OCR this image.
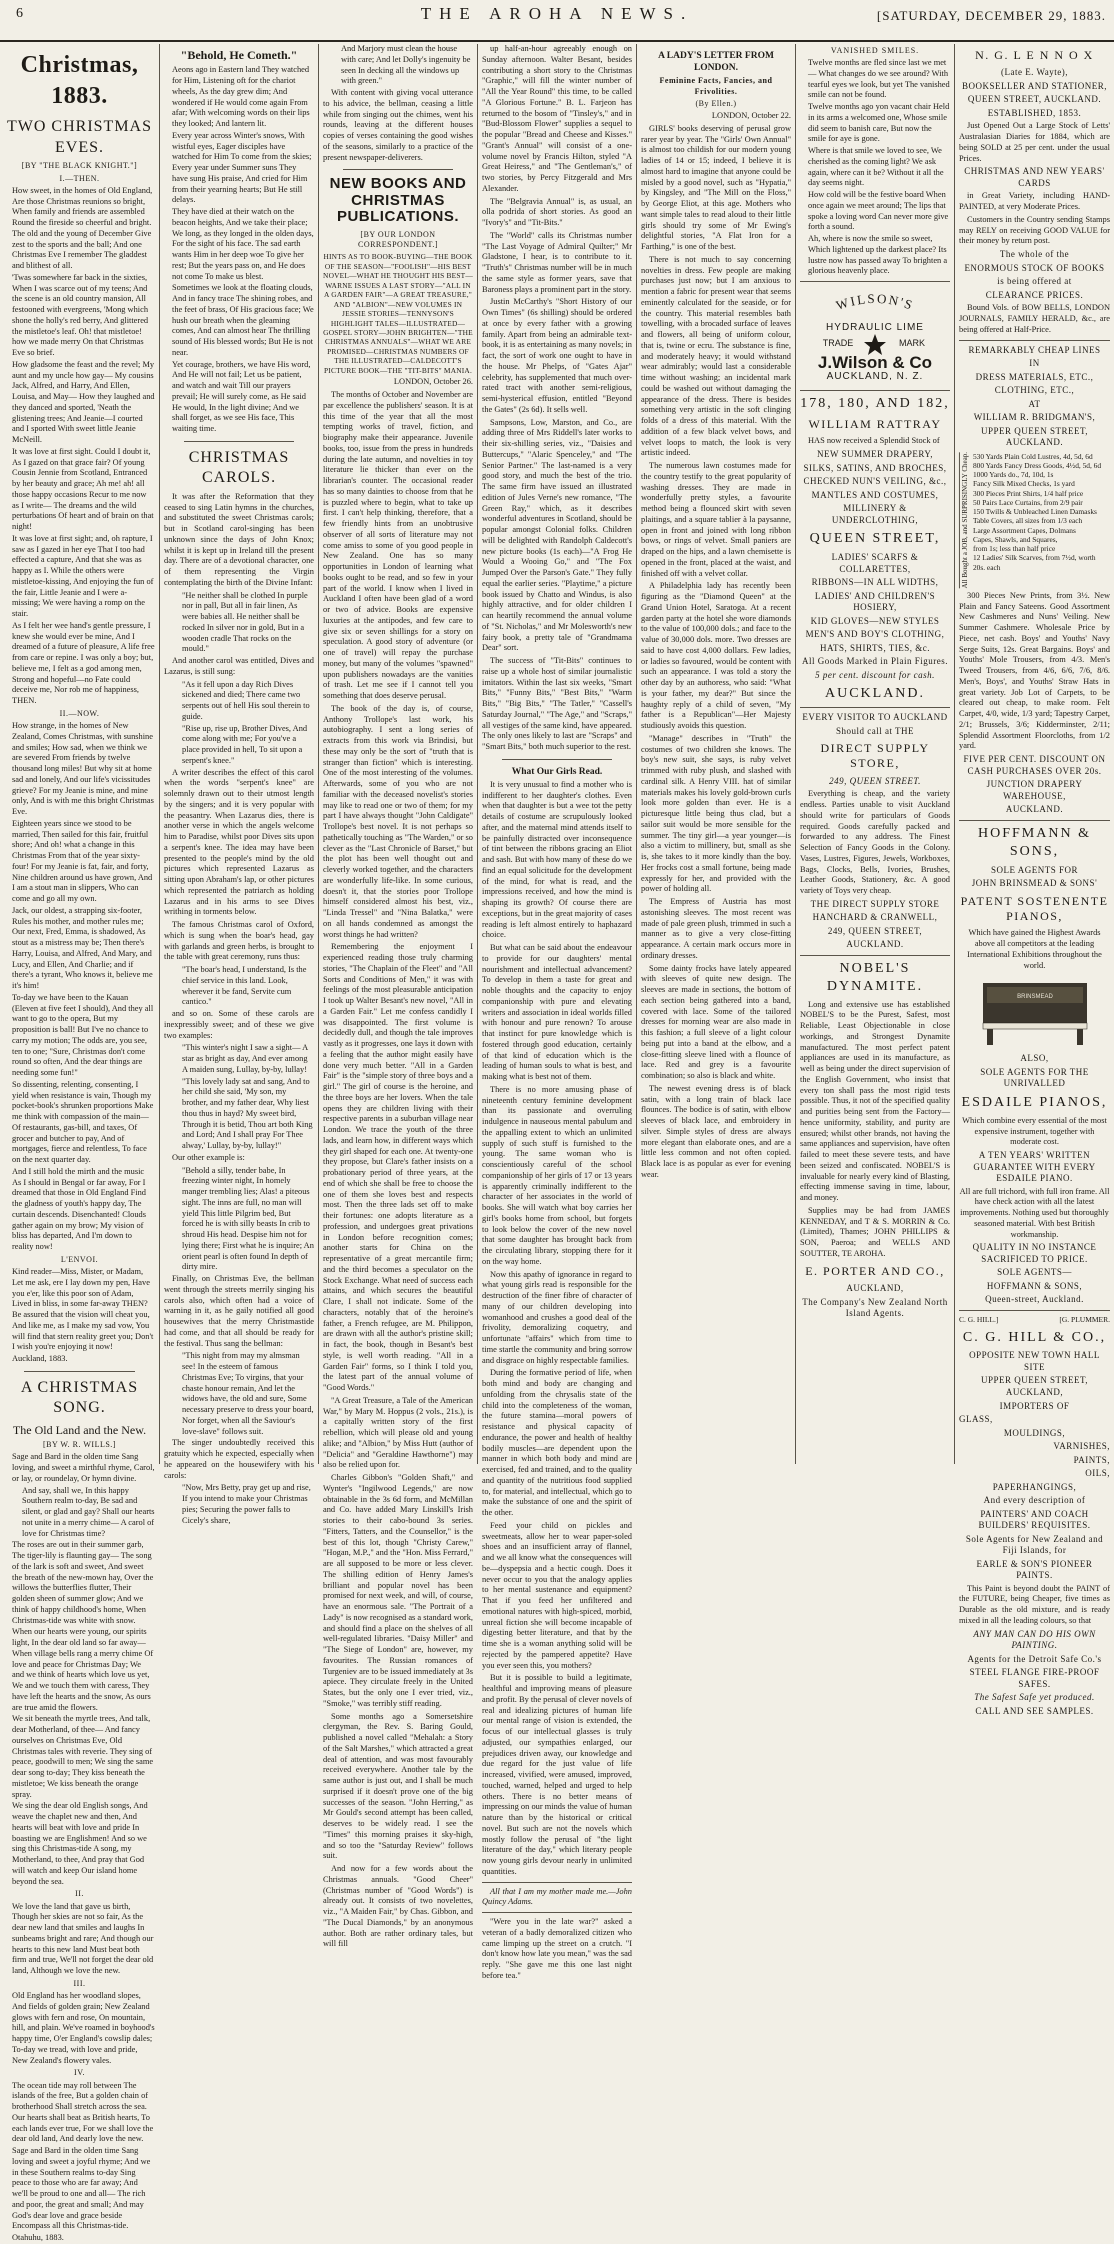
6	THE AROHA NEWS.	[SATURDAY, DECEMBER 29, 1883.
Christmas, 1883.
TWO CHRISTMAS EVES.
[BY "THE BLACK KNIGHT."]
I.—THEN.

How sweet, in the homes of Old England, Are those Christmas reunions so bright, When family and friends are assembled Round the fireside so cheerful and bright. The old and the young of December Give zest to the sports and the ball; And one Christmas Eve I remember The gladdest and blithest of all.

'Twas somewhere far back in the sixties, When I was scarce out of my teens; And the scene is an old country mansion, All festooned with evergreens, 'Mong which shone the holly's red berry, And glittered the mistletoe's leaf. Oh! that mistletoe! how we made merry On that Christmas Eve so brief.

How gladsome the feast and the revel; My aunt and my uncle how gay— My cousins Jack, Alfred, and Harry, And Ellen, Louisa, and May— How they laughed and they danced and sported, 'Neath the glistening trees; And Jeanie—I courted and I sported With sweet little Jeanie McNeill.

It was love at first sight. Could I doubt it, As I gazed on that grace fair? Of young Cousin Jennie from Scotland, Entranced by her beauty and grace; Ah me! ah! all those happy occasions Recur to me now as I write— The dreams and the wild perturbations Of heart and of brain on that night!

It was love at first sight; and, oh rapture, I saw as I gazed in her eye That I too had effected a capture, And that she was as happy as I. While the others were mistletoe-kissing, And enjoying the fun of the fair, Little Jeanie and I were a-missing; We were having a romp on the stair.

As I felt her wee hand's gentle pressure, I knew she would ever be mine, And I dreamed of a future of pleasure, A life free from care or repine. I was only a boy; but, believe me, I felt as a god among men, Strong and hopeful—no Fate could deceive me, Nor rob me of happiness, THEN.

II.—NOW.

How strange, in the homes of New Zealand, Comes Christmas, with sunshine and smiles; How sad, when we think we are severed From friends by twelve thousand long miles! But why sit at home sad and lonely, And our life's vicissitudes grieve? For my Jeanie is mine, and mine only, And is with me this bright Christmas Eve.

Eighteen years since we stood to be married, Then sailed for this fair, fruitful shore; And oh! what a change in this Christmas From that of the year sixty-four! For my Jeanie is fat, fair, and forty, Nine children around us have grown, And I am a stout man in slippers, Who can come and go all my own.

Jack, our oldest, a strapping six-footer, Rules his mother, and mother rules me; Our next, Fred, Emma, is shadowed, As stout as a mistress may be; Then there's Harry, Louisa, and Alfred, And Mary, and Lucy, and Ellen, And Charlie; and if there's a tyrant, Who knows it, believe me it's him!

To-day we have been to the Kauan (Eleven at five feet I should), And they all want to go to the opera, But my proposition is ball! But I've no chance to carry my motion; The odds are, you see, ten to one; "Sure, Christmas don't come round so often, And the dear things are needing some fun!"

So dissenting, relenting, consenting, I yield when resistance is vain, Though my pocket-book's shrunken proportions Make me think with compassion of the main— Of restaurants, gas-bill, and taxes, Of grocer and butcher to pay, And of mortgages, fierce and relentless, To face on the next quarter day.

And I still hold the mirth and the music As I should in Bengal or far away, For I dreamed that those in Old England Find the gladness of youth's happy day, The curtain descends. Disenchanted! Clouds gather again on my brow; My vision of bliss has departed, And I'm down to reality now!

L'ENVOI.

Kind reader—Miss, Mister, or Madam, Let me ask, ere I lay down my pen, Have you e'er, like this poor son of Adam, Lived in bliss, in some far-away THEN? Be assured that the vision will cheat you, And like me, as I make my sad vow, You will find that stern reality greet you; Don't I wish you're enjoying it now!

Auckland, 1883.

A CHRISTMAS SONG.
The Old Land and the New.
[BY W. R. WILLS.]

Sage and Bard in the olden time Sang loving, and sweet a mirthful rhyme, Carol, or lay, or roundelay, Or hymn divine.

And say, shall we, In this happy Southern realm to-day, Be sad and silent, or glad and gay? Shall our hearts not unite in a merry chime— A carol of love for Christmas time?

The roses are out in their summer garb, The tiger-lily is flaunting gay— The song of the lark is soft and sweet, And sweet the breath of the new-mown hay, Over the willows the butterflies flutter, Their golden sheen of summer glow; And we think of happy childhood's home, When Christmas-tide was white with snow.

When our hearts were young, our spirits light, In the dear old land so far away— When village bells rang a merry chime Of love and peace for Christmas Day; We and we think of hearts which love us yet, We and we touch them with caress, They have left the hearts and the snow, As ours are true amid the flowers.

We sit beneath the myrtle trees, And talk, dear Motherland, of thee— And fancy ourselves on Christmas Eve, Old Christmas tales with reverie. They sing of peace, goodwill to men; We sing the same dear song to-day; They kiss beneath the mistletoe; We kiss beneath the orange spray.

We sing the dear old English songs, And weave the chaplet new and then, And hearts will beat with love and pride In boasting we are Englishmen! And so we sing this Christmas-tide A song, my Motherland, to thee, And pray that God will watch and keep Our island home beyond the sea.

II.

We love the land that gave us birth, Though her skies are not so fair, As the dear new land that smiles and laughs In sunbeams bright and rare; And though our hearts to this new land Must beat both firm and true, We'll not forget the dear old land, Although we love the new.

III.

Old England has her woodland slopes, And fields of golden grain; New Zealand glows with fern and rose, On mountain, hill, and plain. We've roamed in boyhood's happy time, O'er England's cowslip dales; To-day we tread, with love and pride, New Zealand's flowery vales.

IV.

The ocean tide may roll between The islands of the free, But a golden chain of brotherhood Shall stretch across the sea. Our hearts shall beat as British hearts, To each lands ever true, For we shall love the dear old land, And dearly love the new.

Sage and Bard in the olden time Sang loving and sweet a joyful rhyme; And we in these Southern realms to-day Sing peace to those who are far away; And we'll be proud to one and all— The rich and poor, the great and small; And may God's dear love and grace beside Encompass all this Christmas-tide.

Otahuhu, 1883.

"Behold, He Cometh."

Aeons ago in Eastern land They watched for Him, Listening oft for the chariot wheels, As the day grew dim; And wondered if He would come again From afar; With welcoming words on their lips they looked; And lantern lit.

Every year across Winter's snows, With wistful eyes, Eager disciples have watched for Him To come from the skies; Every year under Summer suns They have sung His praise, And cried for Him from their yearning hearts; But He still delays.

They have died at their watch on the beacon heights, And we take their place; We long, as they longed in the olden days, For the sight of his face. The sad earth wants Him in her deep woe To give her rest; But the years pass on, and He does not come To make us blest.

Sometimes we look at the floating clouds, And in fancy trace The shining robes, and the feet of brass, Of His gracious face; We hush our breath when the gleaming comes, And can almost hear The thrilling sound of His blessed words; But He is not near.

Yet courage, brothers, we have His word, And He will not fail; Let us be patient, and watch and wait Till our prayers prevail; He will surely come, as He said He would, In the light divine; And we shall forget, as we see His face, This waiting time.

CHRISTMAS CAROLS.

It was after the Reformation that they ceased to sing Latin hymns in the churches, and substituted the sweet Christmas carols; but in Scotland carol-singing has been unknown since the days of John Knox; whilst it is kept up in Ireland till the present day. There are of a devotional character, one of them representing the Virgin contemplating the birth of the Divine Infant:

"He neither shall be clothed In purple nor in pall, But all in fair linen, As were babies all. He neither shall be rocked In silver nor in gold, But in a wooden cradle That rocks on the mould."

And another carol was entitled, Dives and Lazarus, is still sung:

"As it fell upon a day Rich Dives sickened and died; There came two serpents out of hell His soul therein to guide.

"Rise up, rise up, Brother Dives, And come along with me; For you've a place provided in hell, To sit upon a serpent's knee."

A writer describes the effect of this carol when the words "serpent's knee" are solemnly drawn out to their utmost length by the singers; and it is very popular with the peasantry. When Lazarus dies, there is another verse in which the angels welcome him to Paradise, whilst poor Dives sits upon a serpent's knee. The idea may have been presented to the people's mind by the old pictures which represented Lazarus as sitting upon Abraham's lap, or other pictures which represented the patriarch as holding Lazarus and in his arms to see Dives writhing in torments below.

The famous Christmas carol of Oxford, which is sung when the boar's head, gay with garlands and green herbs, is brought to the table with great ceremony, runs thus:

"The boar's head, I understand, Is the chief service in this land. Look, wherever it be fand, Servite cum cantico."

and so on. Some of these carols are inexpressibly sweet; and of these we give two examples:

"This winter's night I saw a sight— A star as bright as day, And ever among A maiden sung, Lullay, by-by, lullay!

"This lovely lady sat and sang, And to her child she said, 'My son, my brother, and my father dear, Why liest thou thus in hayd? My sweet bird, Through it is betid, Thou art both King and Lord; And I shall pray For Thee alway,' Lullay, by-by, lullay!"

Our other example is:

"Behold a silly, tender babe, In freezing winter night, In homely manger trembling lies; Alas! a piteous sight. The inns are full, no man will yield This little Pilgrim bed, But forced he is with silly beasts In crib to shroud His head. Despise him not for lying there; First what he is inquire; An orient pearl is often found In depth of dirty mire.

Finally, on Christmas Eve, the bellman went through the streets merrily singing his carols also, which often had a voice of warning in it, as he gaily notified all good housewives that the merry Christmastide had come, and that all should be ready for the festival. Thus sang the bellman:

"This night from may my almsman see! In the esteem of famous Christmas Eve; To virgins, that your chaste honour remain, And let the widows have, the old and sure, Some necessary preserve to dress your board, Nor forget, when all the Saviour's love-slave" follows suit.

The singer undoubtedly received this gratuity which he expected, especially when he appeared on the housewifery with his carols:

"Now, Mrs Betty, pray get up and rise, If you intend to make your Christmas pies; Securing the power falls to Cicely's share,

And Marjory must clean the house with care; And let Dolly's ingenuity be seen In decking all the windows up with green."

With content with giving vocal utterance to his advice, the bellman, ceasing a little while from singing out the chimes, went his rounds, leaving at the different houses copies of verses containing the good wishes of the seasons, similarly to a practice of the present newspaper-deliverers.

NEW BOOKS AND CHRISTMAS PUBLICATIONS.
[BY OUR LONDON CORRESPONDENT.]

HINTS AS TO BOOK-BUYING—THE BOOK OF THE SEASON—"FOOLISH"—HIS BEST NOVEL—WHAT HE THOUGHT HIS BEST—WARNE ISSUES A LAST STORY—"ALL IN A GARDEN FAIR"—A GREAT TREASURE," AND "ALBION"—NEW VOLUMES IN JESSIE STORIES—TENNYSON'S HIGHLIGHT TALES—ILLUSTRATED—GOSPEL STORY—JOHN BRIGHTEN—"THE CHRISTMAS ANNUALS"—WHAT WE ARE PROMISED—CHRISTMAS NUMBERS OF THE ILLUSTRATED—CALDECOTT'S PICTURE BOOK—THE "TIT-BITS" MANIA.

LONDON, October 26.

The months of October and November are par excellence the publishers' season. It is at this time of the year that all the most tempting works of travel, fiction, and biography make their appearance. Juvenile books, too, issue from the press in hundreds during the late autumn, and novelties in toy literature lie thicker than ever on the librarian's counter. The occasional reader has so many dainties to choose from that he is puzzled where to begin, what to take up first. I can't help thinking, therefore, that a few friendly hints from an unobtrusive observer of all sorts of literature may not come amiss to some of you good people in New Zealand. One has so many opportunities in London of learning what books ought to be read, and so few in your part of the world. I know when I lived in Auckland I often have been glad of a word or two of advice. Books are expensive luxuries at the antipodes, and few care to give six or seven shillings for a story on speculation. A good story of adventure (or one of travel) will repay the purchase money, but many of the volumes "spawned" upon publishers nowadays are the vanities of trash. Let me see if I cannot tell you something that does deserve perusal.

The book of the day is, of course, Anthony Trollope's last work, his autobiography. I sent a long series of extracts from this work via Brindisi, but these may only be the sort of "truth that is stranger than fiction" which is interesting. One of the most interesting of the volumes. Afterwards, some of you who are not familiar with the deceased novelist's stories may like to read one or two of them; for my part I have always thought "John Caldigate" Trollope's best novel. It is not perhaps so pathetically touching as "The Warden," or so clever as the "Last Chronicle of Barset," but the plot has been well thought out and cleverly worked together, and the characters are wonderfully life-like. In some curious, doesn't it, that the stories poor Trollope himself considered almost his best, viz., "Linda Tressel" and "Nina Balatka," were on all hands condemned as amongst the worst things he had written?

Remembering the enjoyment I experienced reading those truly charming stories, "The Chaplain of the Fleet" and "All Sorts and Conditions of Men," it was with feelings of the most pleasurable anticipation I took up Walter Besant's new novel, "All in a Garden Fair." Let me confess candidly I was disappointed. The first volume is decidedly dull, and though the tale improves vastly as it progresses, one lays it down with a feeling that the author might easily have done very much better. "All in a Garden Fair" is the "simple story of three boys and a girl." The girl of course is the heroine, and the three boys are her lovers. When the tale opens they are children living with their respective parents in a suburban village near London. We trace the youth of the three lads, and learn how, in different ways which they girl shaped for each one. At twenty-one they propose, but Clare's father insists on a probationary period of three years, at the end of which she shall be free to choose the one of them she loves best and respects most. Then the three lads set off to make their fortunes: one adopts literature as a profession, and undergoes great privations in London before recognition comes; another starts for China on the representative of a great mercantile firm; and the third becomes a speculator on the Stock Exchange. What need of success each attains, and which secures the beautiful Clare, I shall not indicate. Some of the characters, notably that of the heroine's father, a French refugee, are M. Philippon, are drawn with all the author's pristine skill; in fact, the book, though in Besant's best style, is well worth reading. "All in a Garden Fair" forms, so I think I told you, the latest part of the annual volume of "Good Words."

"A Great Treasure, a Tale of the American War," by Mary M. Hoppus (2 vols., 21s.), is a capitally written story of the first rebellion, which will please old and young alike; and "Albion," by Miss Hutt (author of "Delicia" and "Geraldine Hawthorne") may also be relied upon for.

Charles Gibbon's "Golden Shaft," and Wynter's "Ingilwood Legends," are now obtainable in the 3s 6d form, and McMillan and Co. have added Mary Linskill's Irish stories to their cabo-bound 3s series. "Fitters, Tatters, and the Counsellor," is the best of this lot, though "Christy Carew," "Hogan, M.P.," and the "Hon. Miss Ferrard," are all supposed to be more or less clever. The shilling edition of Henry James's brilliant and popular novel has been promised for next week, and will, of course, have an enormous sale. "The Portrait of a Lady" is now recognised as a standard work, and should find a place on the shelves of all well-regulated libraries. "Daisy Miller" and "The Siege of London" are, however, my favourites. The Russian romances of Turgeniev are to be issued immediately at 3s apiece. They circulate freely in the United States, but the only one I ever tried, viz., "Smoke," was terribly stiff reading.

Some months ago a Somersetshire clergyman, the Rev. S. Baring Gould, published a novel called "Mehalah: a Story of the Salt Marshes," which attracted a great deal of attention, and was most favourably received everywhere. Another tale by the same author is just out, and I shall be much surprised if it doesn't prove one of the big successes of the season. "John Herring," as Mr Gould's second attempt has been called, deserves to be widely read. I see the "Times" this morning praises it sky-high, and so too the "Saturday Review" follows suit.

And now for a few words about the Christmas annuals. "Good Cheer" (Christmas number of "Good Words") is already out. It consists of two novelettes, viz., "A Maiden Fair," by Chas. Gibbon, and "The Ducal Diamonds," by an anonymous author. Both are rather ordinary tales, but will fill

up half-an-hour agreeably enough on Sunday afternoon. Walter Besant, besides contributing a short story to the Christmas "Graphic," will fill the winter number of "All the Year Round" this time, to be called "A Glorious Fortune." B. L. Farjeon has returned to the bosom of "Tinsley's," and in "Bud-Blossom Flower" supplies a sequel to the popular "Bread and Cheese and Kisses." "Grant's Annual" will consist of a one-volume novel by Francis Hilton, styled "A Great Heiress," and "The Gentleman's," of two stories, by Percy Fitzgerald and Mrs Alexander.

The "Belgravia Annual" is, as usual, an olla podrida of short stories. As good an "Ivory's" and "Tit-Bits."

The "World" calls its Christmas number "The Last Voyage of Admiral Quilter;" Mr Gladstone, I hear, is to contribute to it. "Truth's" Christmas number will be in much the same style as former years, save that Baroness plays a prominent part in the story.

Justin McCarthy's "Short History of our Own Times" (6s shilling) should be ordered at once by every father with a growing family. Apart from being an admirable text-book, it is as entertaining as many novels; in fact, the sort of work one ought to have in the house. Mr Phelps, of "Gates Ajar" celebrity, has supplemented that much over-rated tract with another semi-religious, semi-hysterical effusion, entitled "Beyond the Gates" (2s 6d). It sells well.

Sampsons, Low, Marston, and Co., are adding three of Mrs Riddell's later works to their six-shilling series, viz., "Daisies and Buttercups," "Alaric Spenceley," and "The Senior Partner." The last-named is a very good story, and much the best of the trio. The same firm have issued an illustrated edition of Jules Verne's new romance, "The Green Ray," which, as it describes wonderful adventures in Scotland, should be popular amongst Colonial folks. Children will be delighted with Randolph Caldecott's new picture books (1s each)—"A Frog He Would a Wooing Go," and "The Fox Jumped Over the Parson's Gate." They fully equal the earlier series. "Playtime," a picture book issued by Chatto and Windus, is also highly attractive, and for older children I can heartily recommend the annual volume of "St. Nicholas," and Mr Molesworth's new fairy book, a pretty tale of "Grandmama Dear" sort.

The success of "Tit-Bits" continues to raise up a whole host of similar journalistic imitators. Within the last six weeks, "Smart Bits," "Funny Bits," "Best Bits," "Warm Bits," "Big Bits," "The Tatler," "Cassell's Saturday Journal," "The Age," and "Scraps," all vestiges of the same kind, have appeared. The only ones likely to last are "Scraps" and "Smart Bits," both much superior to the rest.

What Our Girls Read.

It is very unusual to find a mother who is indifferent to her daughter's clothes. Even when that daughter is but a wee tot the petty details of costume are scrupulously looked after, and the maternal mind attends itself to be painfully distracted over inconsequence of tint between the ribbons gracing an Eliot and sash. But with how many of these do we find an equal solicitude for the development of the mind, for what is read, and the impressions received, and how the mind is shaping its growth? Of course there are exceptions, but in the great majority of cases reading is left almost entirely to haphazard choice.

But what can be said about the endeavour to provide for our daughters' mental nourishment and intellectual advancement? To develop in them a taste for great and noble thoughts and the capacity to enjoy companionship with pure and elevating writers and association in ideal worlds filled with honour and pure renown? To arouse that instinct for pure knowledge which is fostered through good education, certainly of that kind of education which is the leading of human souls to what is best, and making what is best not of them.

There is no more amusing phase of nineteenth century feminine development than its passionate and overruling indulgence in nauseous mental pabulum and the appalling extent to which an unlimited supply of such stuff is furnished to the young. The same woman who is conscientiously careful of the school companionship of her girls of 17 or 13 years is apparently criminally indifferent to the character of her associates in the world of books. She will watch what boy carries her girl's books home from school, but forgets to look below the cover of the new novel that some daughter has brought back from the circulating library, stopping there for it on the way home.

Now this apathy of ignorance in regard to what young girls read is responsible for the destruction of the finer fibre of character of many of our children developing into womanhood and crushes a good deal of the frivolity, demoralizing coquetry, and unfortunate "affairs" which from time to time startle the community and bring sorrow and disgrace on highly respectable families.

During the formative period of life, when both mind and body are changing and unfolding from the chrysalis state of the child into the completeness of the woman, the future stamina—moral powers of resistance and physical capacity of endurance, the power and health of healthy bodily muscles—are dependent upon the manner in which both body and mind are exercised, fed and trained, and to the quality and quantity of the nutritious food supplied to, for material, and intellectual, which go to make the substance of one and the spirit of the other.

Feed your child on pickles and sweetmeats, allow her to wear paper-soled shoes and an insufficient array of flannel, and we all know what the consequences will be—dyspepsia and a hectic cough. Does it never occur to you that the analogy applies to her mental sustenance and equipment? That if you feed her unfiltered and emotional natures with high-spiced, morbid, unreal fiction she will become incapable of digesting better literature, and that by the time she is a woman anything solid will be rejected by the pampered appetite? Have you ever seen this, you mothers?

But it is possible to build a legitimate, healthful and improving means of pleasure and profit. By the perusal of clever novels of real and idealizing pictures of human life our mental range of vision is extended, the focus of our intellectual glasses is truly adjusted, our sympathies enlarged, our prejudices driven away, our knowledge and due regard for the just value of life increased, vivified, were amused, improved, touched, warned, helped and urged to help others. There is no better means of impressing on our minds the value of human nature than by the historical or critical novel. But such are not the novels which mostly follow the perusal of "the light literature of the day," which literary people now young girls devour nearly in unlimited quantities.

All that I am my mother made me.—John Quincy Adams.

"Were you in the late war?" asked a veteran of a badly demoralized citizen who came limping up the street on a crutch. "I don't know how late you mean," was the sad reply. "She gave me this one last night before tea."

A LADY'S LETTER FROM LONDON.
Feminine Facts, Fancies, and Frivolities.
(By Ellen.)

LONDON, October 22.

GIRLS' books deserving of perusal grow rarer year by year. The "Girls' Own Annual" is almost too childish for our modern young ladies of 14 or 15; indeed, I believe it is almost hard to imagine that anyone could be misled by a good novel, such as "Hypatia," by Kingsley, and "The Mill on the Floss," by George Eliot, at this age. Mothers who want simple tales to read aloud to their little girls should try some of Mr Ewing's delightful stories, "A Flat Iron for a Farthing," is one of the best.

There is not much to say concerning novelties in dress. Few people are making purchases just now; but I am anxious to mention a fabric for present wear that seems eminently calculated for the seaside, or for the country. This material resembles bath towelling, with a brocaded surface of leaves and flowers, all being of uniform colour, that is, twine or ecru. The substance is fine, and moderately heavy; it would withstand wear admirably; would last a considerable time without washing; an incidental mark could be washed out without damaging the appearance of the dress. There is besides something very artistic in the soft clinging folds of a dress of this material. With the addition of a few black velvet bows, and velvet loops to match, the look is very artistic indeed.

The numerous lawn costumes made for the country testify to the great popularity of washing dresses. They are made in wonderfully pretty styles, a favourite method being a flounced skirt with seven plaitings, and a square tablier à la paysanne, open in front and joined with long ribbon bows, or rings of velvet. Small paniers are draped on the hips, and a lawn chemisette is opened in the front, placed at the waist, and finished off with a velvet collar.

A Philadelphia lady has recently been figuring as the "Diamond Queen" at the Grand Union Hotel, Saratoga. At a recent garden party at the hotel she wore diamonds to the value of 100,000 dols.; and face to the value of 30,000 dols. more. Two dresses are said to have cost 4,000 dollars. Few ladies, or ladies so favoured, would be content with such an appearance. I was told a story the other day by an authoress, who said: "What is your father, my dear?" But since the haughty reply of a child of seven, "My father is a Republican"—Her Majesty studiously avoids this question.

"Manage" describes in "Truth" the costumes of two children she knows. The boy's new suit, she says, is ruby velvet trimmed with ruby plush, and slashed with cardinal silk. A Henry VIII. hat of similar materials makes his lovely gold-brown curls look more golden than ever. He is a picturesque little being thus clad, but a sailor suit would be more sensible for the summer. The tiny girl—a year younger—is also a victim to millinery, but, small as she is, she takes to it more kindly than the boy. Her frocks cost a small fortune, being made expressly for her, and provided with the power of holding all.

The Empress of Austria has most astonishing sleeves. The most recent was made of pale green plush, trimmed in such a manner as to give a very close-fitting appearance. A certain mark occurs more in ordinary dresses.

Some dainty frocks have lately appeared with sleeves of quite new design. The sleeves are made in sections, the bottom of each section being gathered into a band, covered with lace. Some of the tailored dresses for morning wear are also made in this fashion; a full sleeve of a light colour being put into a band at the elbow, and a close-fitting sleeve lined with a flounce of lace. Red and grey is a favourite combination; so also is black and white.

The newest evening dress is of black satin, with a long train of black lace flounces. The bodice is of satin, with elbow sleeves of black lace, and embroidery in silver. Simple styles of dress are always more elegant than elaborate ones, and are a little less common and not often copied. Black lace is as popular as ever for evening wear.

VANISHED SMILES.

Twelve months are fled since last we met— What changes do we see around? With tearful eyes we look, but yet The vanished smile can not be found.

Twelve months ago yon vacant chair Held in its arms a welcomed one, Whose smile did seem to banish care, But now the smile for aye is gone.

Where is that smile we loved to see, We cherished as the coming light? We ask again, where can it be? Without it all the day seems night.

How cold will be the festive board When once again we meet around; The lips that spoke a loving word Can never more give forth a sound.

Ah, where is now the smile so sweet, Which lightened up the darkest place? Its lustre now has passed away To brighten a glorious heavenly place.

WILSON'S
HYDRAULIC LIME
TRADE	MARK
J.Wilson & Co
AUCKLAND, N. Z.
178, 180, AND 182,
WILLIAM RATTRAY

HAS now received a Splendid Stock of

NEW SUMMER DRAPERY,
SILKS, SATINS, AND BROCHES,
CHECKED NUN'S VEILING, &c.,
MANTLES AND COSTUMES,
MILLINERY & UNDERCLOTHING,
QUEEN STREET,
LADIES' SCARFS & COLLARETTES,
RIBBONS—IN ALL WIDTHS,
LADIES' AND CHILDREN'S HOSIERY,
KID GLOVES—NEW STYLES
MEN'S AND BOY'S CLOTHING,
HATS, SHIRTS, TIES, &c.
All Goods Marked in Plain Figures.
5 per cent. discount for cash.
AUCKLAND.
EVERY VISITOR TO AUCKLAND
Should call at THE
DIRECT SUPPLY STORE,
249, QUEEN STREET.

Everything is cheap, and the variety endless. Parties unable to visit Auckland should write for particulars of Goods required. Goods carefully packed and forwarded to any address. The Finest Selection of Fancy Goods in the Colony. Vases, Lustres, Figures, Jewels, Workboxes, Bags, Clocks, Bells, Ivories, Brushes, Leather Goods, Stationery, &c. A good variety of Toys very cheap.

THE DIRECT SUPPLY STORE
HANCHARD & CRANWELL,
249, QUEEN STREET,
AUCKLAND.
NOBEL'S DYNAMITE.

Long and extensive use has established NOBEL'S to be the Purest, Safest, most Reliable, Least Objectionable in close workings, and Strongest Dynamite manufactured. The most perfect patent appliances are used in its manufacture, as well as being under the direct supervision of the English Government, who insist that every ton shall pass the most rigid tests possible. Thus, it not of the specified quality and purities being sent from the Factory—hence uniformity, stability, and purity are ensured; whilst other brands, not having the same appliances and supervision, have often failed to meet these severe tests, and have been seized and confiscated. NOBEL'S is invaluable for nearly every kind of Blasting, effecting immense saving in time, labour, and money.

Supplies may be had from JAMES KENNEDAY, and T & S. MORRIN & Co. (Limited), Thames; JOHN PHILLIPS & SON, Paeroa; and WELLS AND SOUTTER, TE AROHA.

E. PORTER AND CO.,
AUCKLAND,
The Company's New Zealand North Island Agents.
N. G. L E N N O X
(Late E. Wayte),
BOOKSELLER AND STATIONER,
QUEEN STREET, AUCKLAND.
ESTABLISHED, 1853.

Just Opened Out a Large Stock of Letts' Australasian Diaries for 1884, which are being SOLD at 25 per cent. under the usual Prices.

CHRISTMAS AND NEW YEARS' CARDS

in Great Variety, including HAND-PAINTED, at very Moderate Prices.

Customers in the Country sending Stamps may RELY on receiving GOOD VALUE for their money by return post.

The whole of the
ENORMOUS STOCK OF BOOKS
is being offered at
CLEARANCE PRICES.

Bound Vols. of BOW BELLS, LONDON JOURNALS, FAMILY HERALD, &c., are being offered at Half-Price.

REMARKABLY CHEAP LINES
IN
DRESS MATERIALS, ETC.,
CLOTHING, ETC.,
AT
WILLIAM R. BRIDGMAN'S,
UPPER QUEEN STREET, AUCKLAND.
All Bought a JOB, and SURPRISINGLY Cheap. 530 Yards Plain Cold Lustres, 4d, 5d, 6d
800 Yards Fancy Dress Goods, 4½d, 5d, 6d
1000 Yards do., 7d, 10d, 1s
Fancy Silk Mixed Checks, 1s yard
300 Pieces Print Shirts, 1/4 half price
50 Pairs Lace Curtains, from 2/9 pair
150 Twills & Unbleached Linen Damasks
Table Covers, all sizes from 1/3 each
Large Assortment Capes, Dolmans
Capes, Shawls, and Squares,
from 1s; less than half price
12 Ladies' Silk Scarves, from 7½d, worth
20s. each

300 Pieces New Prints, from 3½. New Plain and Fancy Sateens. Good Assortment New Cashmeres and Nuns' Veiling. New Summer Cashmere. Wholesale Price by Piece, net cash. Boys' and Youths' Navy Serge Suits, 12s. Great Bargains. Boys' and Youths' Mole Trousers, from 4/3. Men's Tweed Trousers, from 4/6, 6/6, 7/6, 8/6. Men's, Boys', and Youths' Straw Hats in great variety. Job Lot of Carpets, to be cleared out cheap, to make room. Felt Carpet, 4/0, wide, 1/3 yard; Tapestry Carpet, 2/1; Brussels, 3/6; Kidderminster, 2/11; Splendid Assortment Floorcloths, from 1/2 yard.

FIVE PER CENT. DISCOUNT ON CASH PURCHASES OVER 20s.
JUNCTION DRAPERY WAREHOUSE,
AUCKLAND.
HOFFMANN & SONS,
SOLE AGENTS FOR
JOHN BRINSMEAD & SONS'
PATENT SOSTENENTE PIANOS,

Which have gained the Highest Awards above all competitors at the leading International Exhibitions throughout the world.

BRINSMEAD
ALSO,
SOLE AGENTS FOR THE UNRIVALLED
ESDAILE PIANOS,

Which combine every essential of the most expensive instrument, together with moderate cost.

A TEN YEARS' WRITTEN GUARANTEE WITH EVERY ESDAILE PIANO.

All are full trichord, with full iron frame. All have check action with all the latest improvements. Nothing used but thoroughly seasoned material. With best British workmanship.

QUALITY IN NO INSTANCE SACRIFICED TO PRICE.
SOLE AGENTS—
HOFFMANN & SONS,
Queen-street, Auckland.
C. G. HILL.]	[G. PLUMMER.
C. G. HILL & CO.,
OPPOSITE NEW TOWN HALL SITE
UPPER QUEEN STREET, AUCKLAND,
IMPORTERS OF
GLASS,
MOULDINGS,
VARNISHES,
PAINTS,
OILS,
PAPERHANGINGS,
And every description of
PAINTERS' AND COACH BUILDERS' REQUISITES.
Sole Agents for New Zealand and Fiji Islands, for
EARLE & SON'S PIONEER PAINTS.

This Paint is beyond doubt the PAINT of the FUTURE, being Cheaper, five times as Durable as the old mixture, and is ready mixed in all the leading colours, so that

ANY MAN CAN DO HIS OWN PAINTING.
Agents for the Detroit Safe Co.'s
STEEL FLANGE FIRE-PROOF SAFES.
The Safest Safe yet produced.
CALL AND SEE SAMPLES.
